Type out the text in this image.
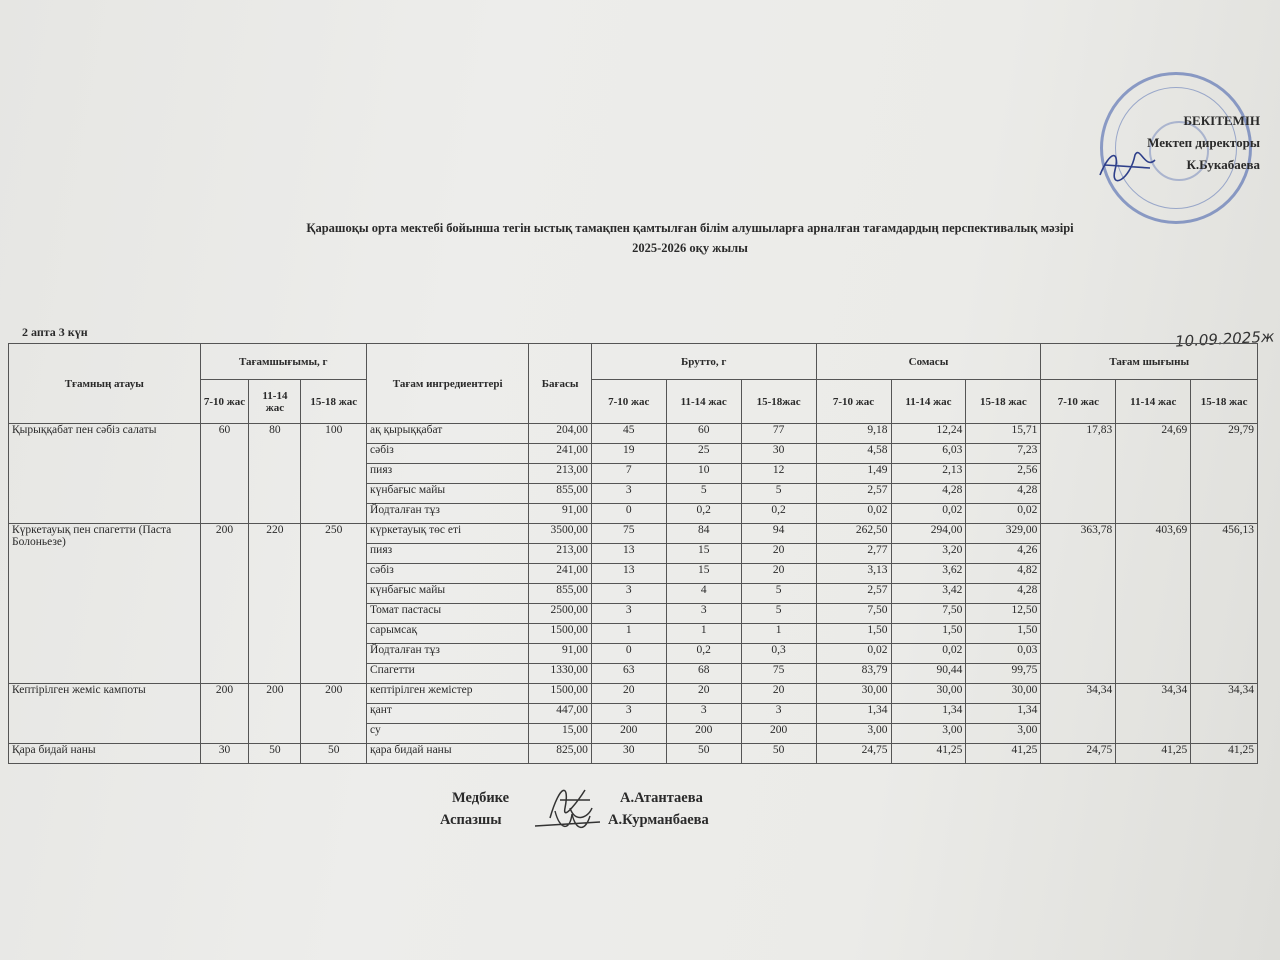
БЕКІТЕМІН
Мектеп директоры
К.Букабаева
Қарашоқы орта мектебі бойынша тегін ыстық тамақпен қамтылған білім алушыларға арналған тағамдардың перспективалық мәзірі
2025-2026 оқу жылы
2 апта 3 күн	10.09.2025ж
Тғамның атауы	Тағамшығымы, г			Тағам ингредиенттері	Бағасы	Брутто, г			Сомасы			Тағам шығыны		
	7-10 жас	11-14 жас	15-18 жас			7-10 жас	11-14 жас	15-18жас	7-10 жас	11-14 жас	15-18 жас	7-10 жас	11-14 жас	15-18 жас
Қырыққабат пен сәбіз салаты	60	80	100	ақ қырыққабат	204,00	45	60	77	9,18	12,24	15,71	17,83	24,69	29,79
				сәбіз	241,00	19	25	30	4,58	6,03	7,23			
				пияз	213,00	7	10	12	1,49	2,13	2,56			
				күнбағыс майы	855,00	3	5	5	2,57	4,28	4,28			
				Йодталған тұз	91,00	0	0,2	0,2	0,02	0,02	0,02			
Күркетауық пен спагетти (Паста Болоньезе)	200	220	250	күркетауық төс еті	3500,00	75	84	94	262,50	294,00	329,00	363,78	403,69	456,13
				пияз	213,00	13	15	20	2,77	3,20	4,26			
				сәбіз	241,00	13	15	20	3,13	3,62	4,82			
				күнбағыс майы	855,00	3	4	5	2,57	3,42	4,28			
				Томат пастасы	2500,00	3	3	5	7,50	7,50	12,50			
				сарымсақ	1500,00	1	1	1	1,50	1,50	1,50			
				Йодталған тұз	91,00	0	0,2	0,3	0,02	0,02	0,03			
				Спагетти	1330,00	63	68	75	83,79	90,44	99,75			
Кептірілген жеміс кампоты	200	200	200	кептірілген жемістер	1500,00	20	20	20	30,00	30,00	30,00	34,34	34,34	34,34
				қант	447,00	3	3	3	1,34	1,34	1,34			
				су	15,00	200	200	200	3,00	3,00	3,00			
Қара бидай наны	30	50	50	қара бидай наны	825,00	30	50	50	24,75	41,25	41,25	24,75	41,25	41,25
Медбике	А.Атантаева
Аспазшы	А.Курманбаева
